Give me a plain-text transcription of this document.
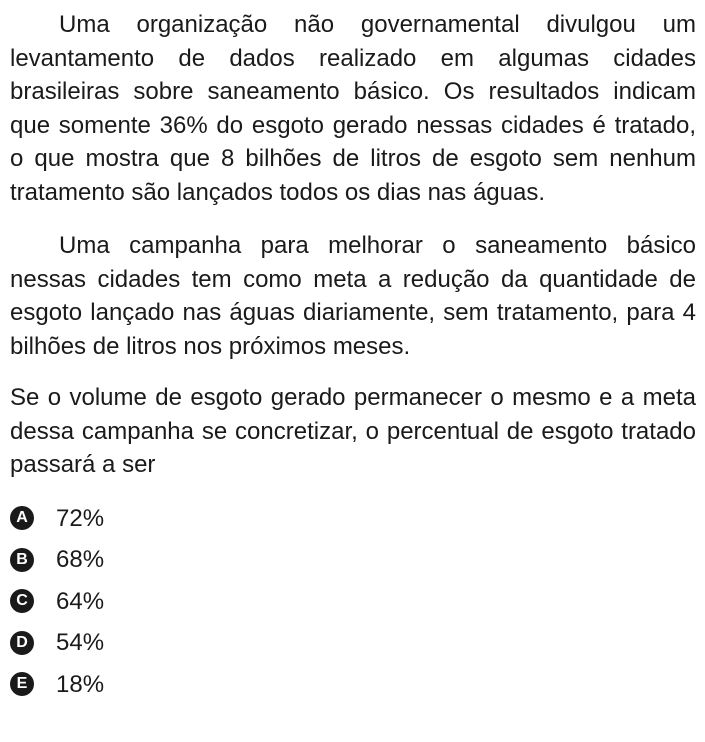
Uma organização não governamental divulgou um levantamento de dados realizado em algumas cidades brasileiras sobre saneamento básico. Os resultados indicam que somente 36% do esgoto gerado nessas cidades é tratado, o que mostra que 8 bilhões de litros de esgoto sem nenhum tratamento são lançados todos os dias nas águas.

Uma campanha para melhorar o saneamento básico nessas cidades tem como meta a redução da quantidade de esgoto lançado nas águas diariamente, sem tratamento, para 4 bilhões de litros nos próximos meses.

Se o volume de esgoto gerado permanecer o mesmo e a meta dessa campanha se concretizar, o percentual de esgoto tratado passará a ser

A 72%
B 68%
C 64%
D 54%
E 18%
